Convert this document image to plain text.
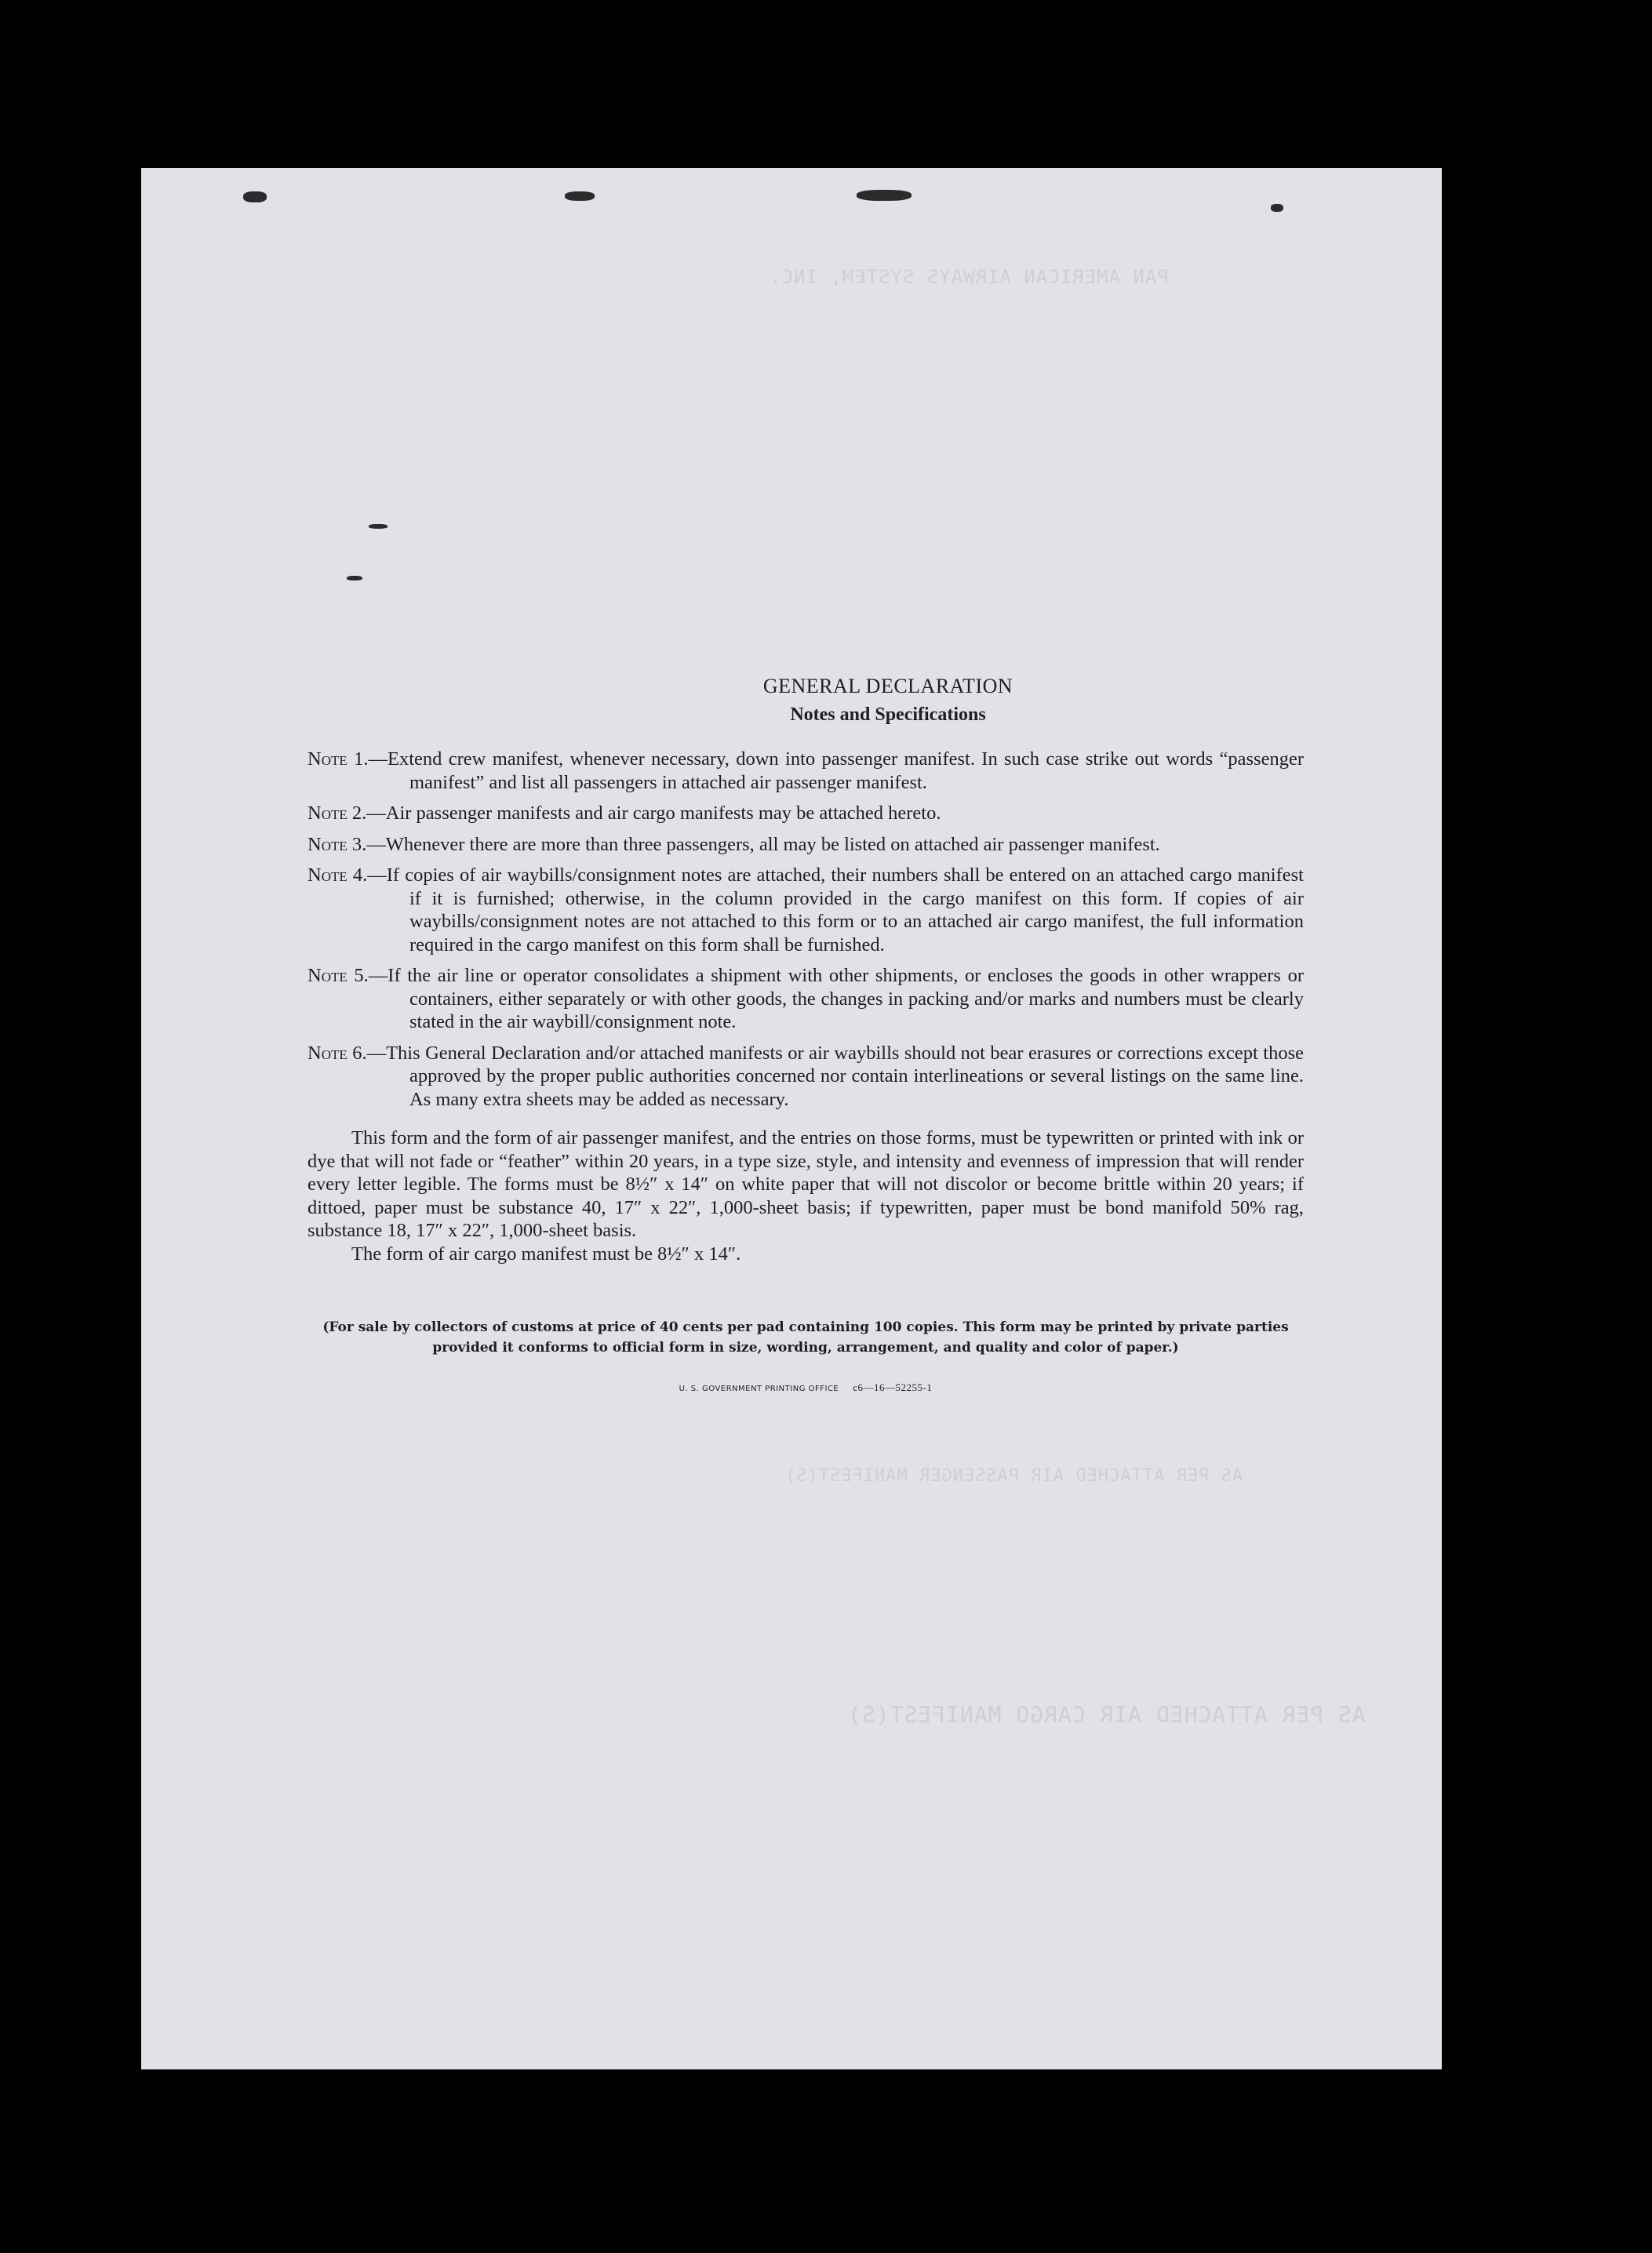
PAN AMERICAN AIRWAYS SYSTEM, INC.
AS PER ATTACHED AIR PASSENGER MANIFEST(S)
AS PER ATTACHED AIR CARGO MANIFEST(S)
GENERAL DECLARATION
Notes and Specifications
Note 1.—Extend crew manifest, whenever necessary, down into passenger manifest. In such case strike out words “passenger manifest” and list all passengers in attached air passenger manifest.
Note 2.—Air passenger manifests and air cargo manifests may be attached hereto.
Note 3.—Whenever there are more than three passengers, all may be listed on attached air passenger manifest.
Note 4.—If copies of air waybills/consignment notes are attached, their numbers shall be entered on an attached cargo manifest if it is furnished; otherwise, in the column provided in the cargo manifest on this form. If copies of air waybills/consignment notes are not attached to this form or to an attached air cargo manifest, the full information required in the cargo manifest on this form shall be furnished.
Note 5.—If the air line or operator consolidates a shipment with other shipments, or encloses the goods in other wrappers or containers, either separately or with other goods, the changes in packing and/or marks and numbers must be clearly stated in the air waybill/consignment note.
Note 6.—This General Declaration and/or attached manifests or air waybills should not bear erasures or corrections except those approved by the proper public authorities concerned nor contain interlineations or several listings on the same line. As many extra sheets may be added as necessary.
This form and the form of air passenger manifest, and the entries on those forms, must be typewritten or printed with ink or dye that will not fade or “feather” within 20 years, in a type size, style, and intensity and evenness of impression that will render every letter legible. The forms must be 8½″ x 14″ on white paper that will not discolor or become brittle within 20 years; if dittoed, paper must be substance 40, 17″ x 22″, 1,000-sheet basis; if typewritten, paper must be bond manifold 50% rag, substance 18, 17″ x 22″, 1,000-sheet basis.
The form of air cargo manifest must be 8½″ x 14″.
(For sale by collectors of customs at price of 40 cents per pad containing 100 copies. This form may be printed by private parties provided it conforms to official form in size, wording, arrangement, and quality and color of paper.)
U. S. GOVERNMENT PRINTING OFFICE c6—16—52255-1
